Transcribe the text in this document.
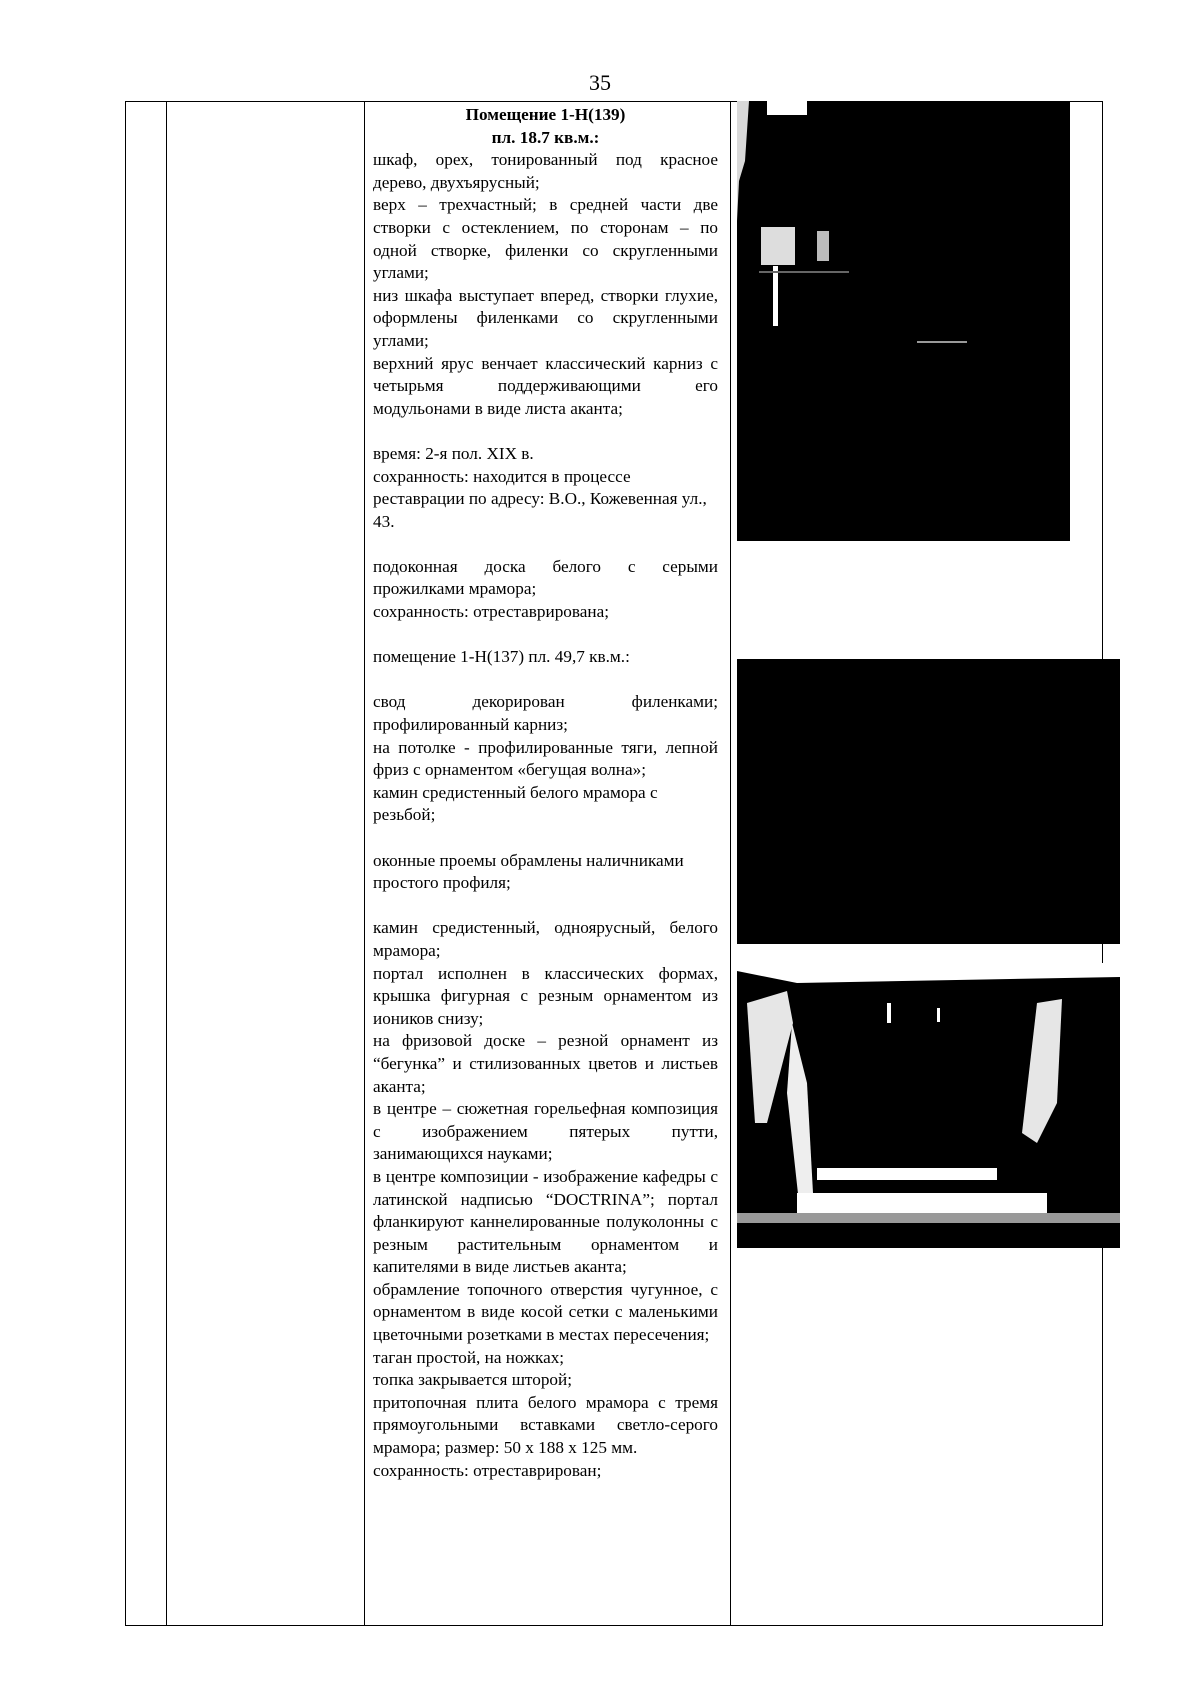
35

Помещение 1-Н(139)

пл. 18.7 кв.м.:

шкаф, орех, тонированный под красное дерево, двухъярусный;

верх – трехчастный; в средней части две створки с остеклением, по сторонам – по одной створке, филенки со скругленными углами;

низ шкафа выступает вперед, створки глухие, оформлены филенками со скругленными углами;

верхний ярус венчает классический карниз с четырьмя поддерживающими его модульонами в виде листа аканта;

время: 2-я пол. XIX в.

сохранность: находится в процессе реставрации по адресу: В.О., Кожевенная ул., 43.

подоконная доска белого с серыми прожилками мрамора;

сохранность: отреставрирована;

помещение 1-Н(137) пл. 49,7 кв.м.:

свод декорирован филенками; профилированный карниз;

на потолке - профилированные тяги, лепной фриз с орнаментом «бегущая волна»;

камин средистенный белого мрамора с резьбой;

оконные проемы обрамлены наличниками простого профиля;

камин средистенный, одноярусный, белого мрамора;

портал исполнен в классических формах, крышка фигурная с резным орнаментом из иоников снизу;

на фризовой доске – резной орнамент из “бегунка” и стилизованных цветов и листьев аканта;

в центре – сюжетная горельефная композиция с изображением пятерых путти, занимающихся науками;

в центре композиции - изображение кафедры с латинской надписью “DOCTRINA”; портал фланкируют каннелированные полуколонны с резным растительным орнаментом и капителями в виде листьев аканта;

обрамление топочного отверстия чугунное, с орнаментом в виде косой сетки с маленькими цветочными розетками в местах пересечения;

таган простой, на ножках;

топка закрывается шторой;

притопочная плита белого мрамора с тремя прямоугольными вставками светло-серого мрамора; размер: 50 х 188 х 125 мм.

сохранность: отреставрирован;
